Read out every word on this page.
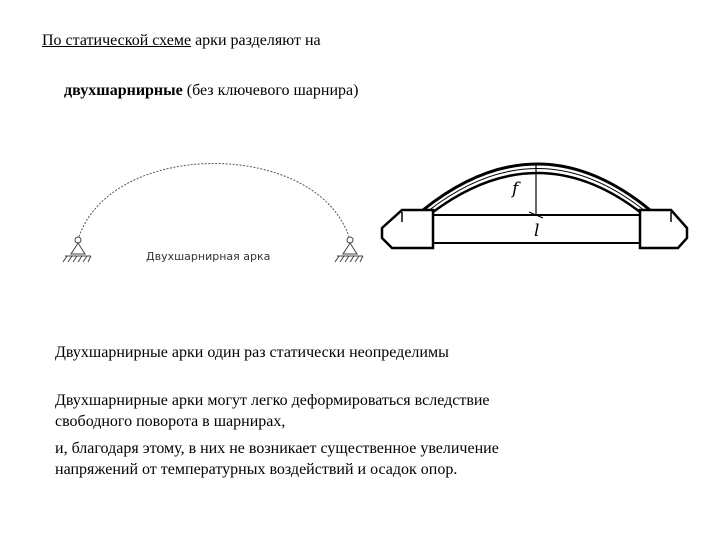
По статической схеме арки разделяют на
двухшарнирные (без ключевого шарнира)
Двухшарнирная арка
f
l
Двухшарнирные арки один раз статически неопределимы
Двухшарнирные арки могут легко деформироваться вследствие
свободного поворота в шарнирах,
и, благодаря этому, в них не возникает существенное увеличение
напряжений от температурных воздействий и осадок опор.
